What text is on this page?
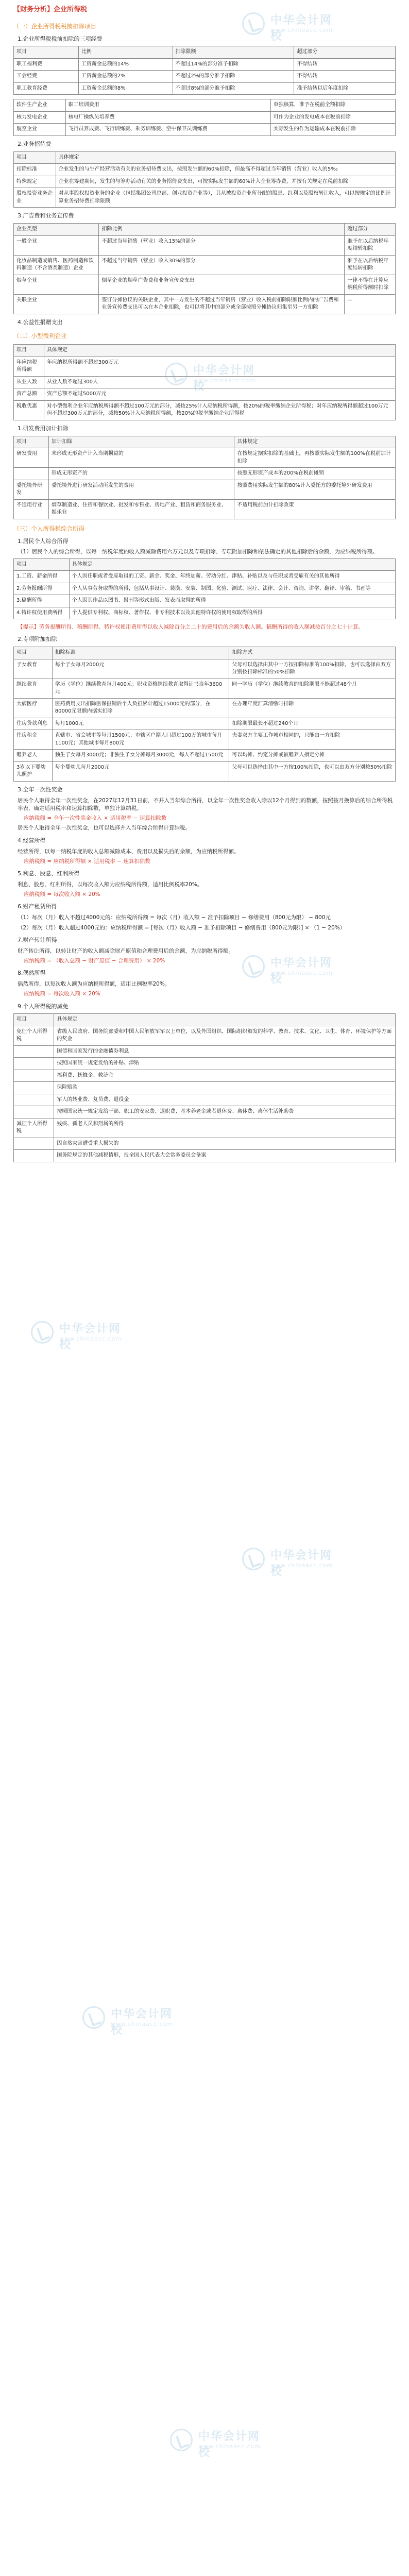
【财务分析】企业所得税
（一）企业所得税税前扣除项目
1.企业所得税税前扣除的三项经费
项目	比例	扣除限额	超过部分
职工福利费	工资薪金总额的14%	不超过14%的部分准予扣除	不得结转
工会经费	工资薪金总额的2%	不超过2%的部分准予扣除	不得结转
职工教育经费	工资薪金总额的8%	不超过8%的部分准予扣除	准予结转以后年度扣除
软件生产企业	职工培训费用	单独核算，准予在税前全额扣除
核力发电企业	核电厂操纵员培养费	可作为企业的发电成本在税前扣除
航空企业	飞行员养成费、飞行训练费、乘务训练费、空中保卫员训练费	实际发生的作为运输成本在税前扣除
2.业务招待费
项目	具体规定
扣除标准	企业发生的与生产经营活动有关的业务招待费支出，按照发生额的60%扣除，但最高不得超过当年销售（营业）收入的5‰
特殊规定	企业在筹建期间，发生的与筹办活动有关的业务招待费支出，可按实际发生额的60%计入企业筹办费，并按有关规定在税前扣除
股权投资业务企业	对从事股权投资业务的企业（包括集团公司总部、创业投资企业等），其从被投资企业所分配的股息、红利以及股权转让收入，可以按规定的比例计算业务招待费扣除限额
3.广告费和业务宣传费
企业类型	扣除比例	超过部分
一般企业	不超过当年销售（营业）收入15%的部分	准予在以后纳税年度结转扣除
化妆品制造或销售、医药制造和饮料制造（不含酒类制造）企业	不超过当年销售（营业）收入30%的部分	准予在以后纳税年度结转扣除
烟草企业	烟草企业的烟草广告费和业务宣传费支出	一律不得在计算应纳税所得额时扣除
关联企业	签订分摊协议的关联企业，其中一方发生的不超过当年销售（营业）收入税前扣除限额比例内的广告费和业务宣传费支出可以在本企业扣除，也可以将其中的部分或全部按照分摊协议归集至另一方扣除	—
4.公益性捐赠支出
（二）小型微利企业
项目	具体规定
年应纳税所得额	年应纳税所得额不超过300万元
从业人数	从业人数不超过300人
资产总额	资产总额不超过5000万元
税收优惠	对小型微利企业年应纳税所得额不超过100万元的部分，减按25%计入应纳税所得额，按20%的税率缴纳企业所得税；对年应纳税所得额超过100万元但不超过300万元的部分，减按50%计入应纳税所得额，按20%的税率缴纳企业所得税
1.研发费用加计扣除
项目	加计扣除	具体规定
研发费用	未形成无形资产计入当期损益的	在按规定据实扣除的基础上，再按照实际发生额的100%在税前加计扣除
	形成无形资产的	按照无形资产成本的200%在税前摊销
委托境外研发	委托境外进行研发活动所发生的费用	按照费用实际发生额的80%计入委托方的委托境外研发费用
不适用行业	烟草制造业、住宿和餐饮业、批发和零售业、房地产业、租赁和商务服务业、娱乐业	不适用税前加计扣除政策
（三）个人所得税综合所得
1.居民个人综合所得
（1）居民个人的综合所得，以每一纳税年度的收入额减除费用六万元以及专项扣除、专项附加扣除和依法确定的其他扣除后的余额，为应纳税所得额。
项目	具体规定
1.工资、薪金所得	个人因任职或者受雇取得的工资、薪金、奖金、年终加薪、劳动分红、津贴、补贴以及与任职或者受雇有关的其他所得
2.劳务报酬所得	个人从事劳务取得的所得，包括从事设计、装潢、安装、制图、化验、测试、医疗、法律、会计、咨询、讲学、翻译、审稿、书画等
3.稿酬所得	个人因其作品以图书、报刊等形式出版、发表而取得的所得
4.特许权使用费所得	个人提供专利权、商标权、著作权、非专利技术以及其他特许权的使用权取得的所得
【提示】劳务报酬所得、稿酬所得、特许权使用费所得以收入减除百分之二十的费用后的余额为收入额。稿酬所得的收入额减按百分之七十计算。
2.专项附加扣除
项目	扣除标准	扣除方式
子女教育	每个子女每月2000元	父母可以选择由其中一方按扣除标准的100%扣除，也可以选择由双方分别按扣除标准的50%扣除
继续教育	学历（学位）继续教育每月400元；职业资格继续教育取得证书当年3600元	同一学历（学位）继续教育的扣除期限不能超过48个月
大病医疗	医药费用支出扣除医保报销后个人负担累计超过15000元的部分，在80000元限额内据实扣除	在办理年度汇算清缴时扣除
住房贷款利息	每月1000元	扣除期限最长不超过240个月
住房租金	直辖市、省会城市等每月1500元；市辖区户籍人口超过100万的城市每月1100元；其他城市每月800元	夫妻双方主要工作城市相同的，只能由一方扣除
赡养老人	独生子女每月3000元；非独生子女分摊每月3000元，每人不超过1500元	可以均摊、约定分摊或被赡养人指定分摊
3岁以下婴幼儿照护	每个婴幼儿每月2000元	父母可以选择由其中一方按100%扣除，也可以由双方分别按50%扣除
3.全年一次性奖金
居民个人取得全年一次性奖金，在2027年12月31日前，不并入当年综合所得，以全年一次性奖金收入除以12个月得到的数额，按照按月换算后的综合所得税率表，确定适用税率和速算扣除数，单独计算纳税。
应纳税额 = 全年一次性奖金收入 × 适用税率 − 速算扣除数
居民个人取得全年一次性奖金，也可以选择并入当年综合所得计算纳税。
4.经营所得
经营所得，以每一纳税年度的收入总额减除成本、费用以及损失后的余额，为应纳税所得额。
应纳税额 = 应纳税所得额 × 适用税率 − 速算扣除数
5.利息、股息、红利所得
利息、股息、红利所得，以每次收入额为应纳税所得额，适用比例税率20%。
应纳税额 = 每次收入额 × 20%
6.财产租赁所得
（1）每次（月）收入不超过4000元的：应纳税所得额 = 每次（月）收入额 − 准予扣除项目 − 修缮费用（800元为限） − 800元
（2）每次（月）收入超过4000元的：应纳税所得额 = [每次（月）收入额 − 准予扣除项目 − 修缮费用（800元为限）] × （1 − 20%）
7.财产转让所得
财产转让所得，以转让财产的收入额减除财产原值和合理费用后的余额，为应纳税所得额。
应纳税额 = （收入总额 − 财产原值 − 合理费用） × 20%
8.偶然所得
偶然所得，以每次收入额为应纳税所得额，适用比例税率20%。
应纳税额 = 每次收入额 × 20%
9.个人所得税的减免
项目	具体规定
免征个人所得税	省级人民政府、国务院部委和中国人民解放军军以上单位，以及外国组织、国际组织颁发的科学、教育、技术、文化、卫生、体育、环境保护等方面的奖金
	国债和国家发行的金融债券利息
	按照国家统一规定发给的补贴、津贴
	福利费、抚恤金、救济金
	保险赔款
	军人的转业费、复员费、退役金
	按照国家统一规定发给干部、职工的安家费、退职费、基本养老金或者退休费、离休费、离休生活补助费
减征个人所得税	残疾、孤老人员和烈属的所得
	因自然灾害遭受重大损失的
	国务院规定的其他减税情形，报全国人民代表大会常务委员会备案
中华会计网校
www.chinaacc.com
中华会计网校
www.chinaacc.com
中华会计网校
www.chinaacc.com
中华会计网校
www.chinaacc.com
中华会计网校
www.chinaacc.com
中华会计网校
www.chinaacc.com
中华会计网校
www.chinaacc.com
